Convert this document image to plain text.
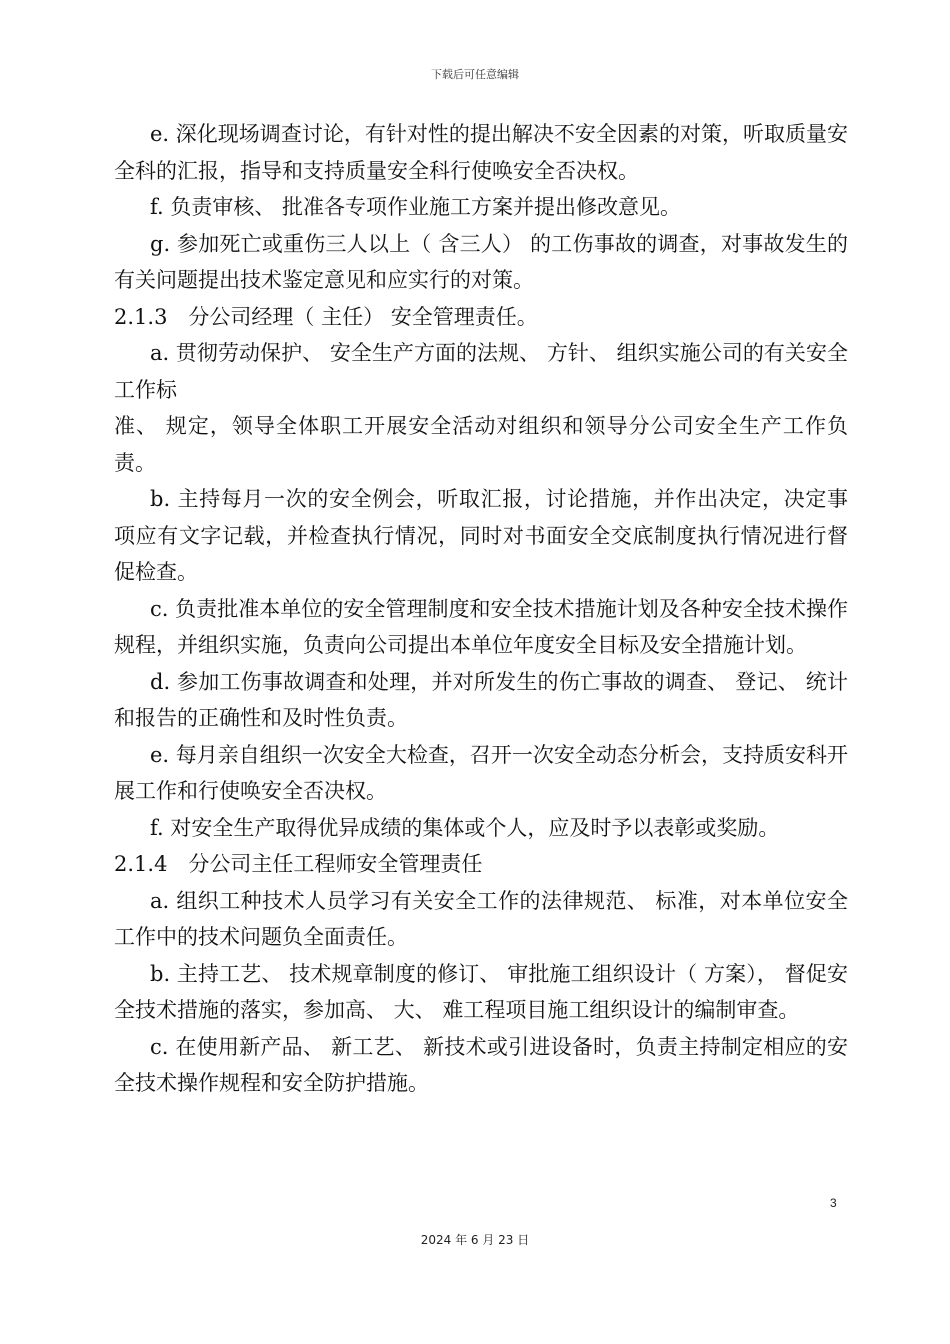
下载后可任意编辑

e. 深化现场调查讨论，有针对性的提出解决不安全因素的对策，听取质量安全科的汇报，指导和支持质量安全科行使唤安全否决权。

f. 负责审核、 批准各专项作业施工方案并提出修改意见。

g. 参加死亡或重伤三人以上（ 含三人） 的工伤事故的调查，对事故发生的有关问题提出技术鉴定意见和应实行的对策。

2.1.3　分公司经理（ 主任） 安全管理责任。

a. 贯彻劳动保护、 安全生产方面的法规、 方针、 组织实施公司的有关安全工作标

准、 规定，领导全体职工开展安全活动对组织和领导分公司安全生产工作负责。

b. 主持每月一次的安全例会，听取汇报，讨论措施，并作出决定，决定事项应有文字记载，并检查执行情况，同时对书面安全交底制度执行情况进行督促检查。

c. 负责批准本单位的安全管理制度和安全技术措施计划及各种安全技术操作规程，并组织实施，负责向公司提出本单位年度安全目标及安全措施计划。

d. 参加工伤事故调查和处理，并对所发生的伤亡事故的调查、 登记、 统计和报告的正确性和及时性负责。

e. 每月亲自组织一次安全大检查，召开一次安全动态分析会，支持质安科开展工作和行使唤安全否决权。

f. 对安全生产取得优异成绩的集体或个人，应及时予以表彰或奖励。

2.1.4　分公司主任工程师安全管理责任

a. 组织工种技术人员学习有关安全工作的法律规范、 标准，对本单位安全工作中的技术问题负全面责任。

b. 主持工艺、 技术规章制度的修订、 审批施工组织设计（ 方案）， 督促安全技术措施的落实，参加高、 大、 难工程项目施工组织设计的编制审查。

c. 在使用新产品、 新工艺、 新技术或引进设备时，负责主持制定相应的安全技术操作规程和安全防护措施。

3
2024 年 6 月 23 日
